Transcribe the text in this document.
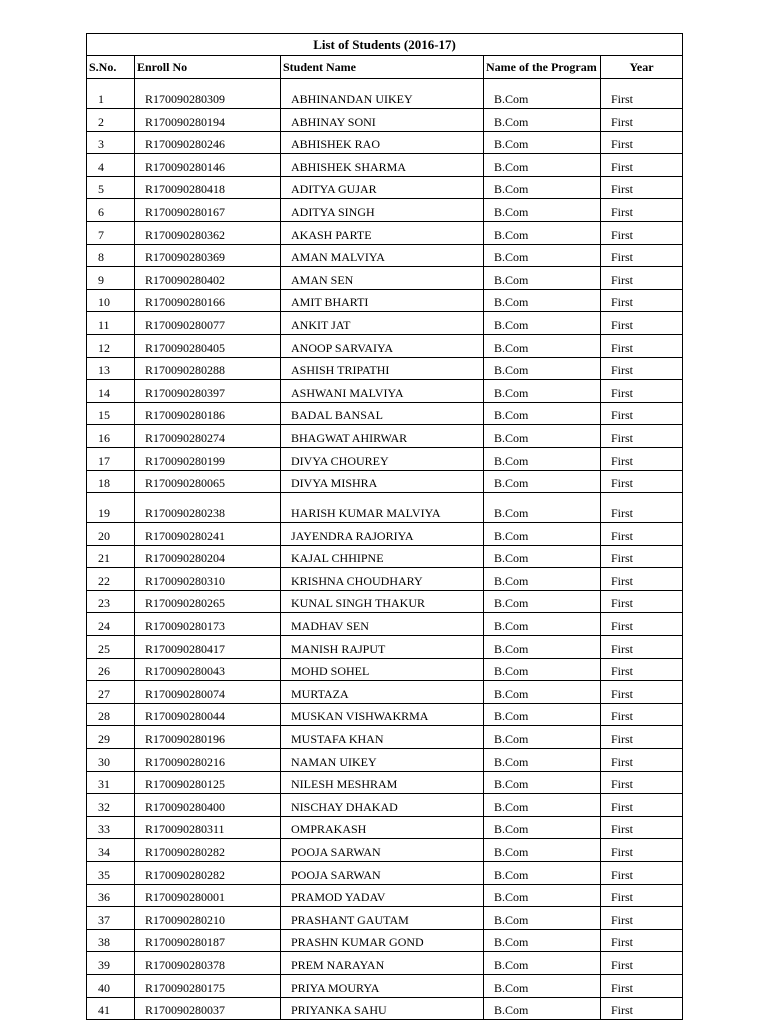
List of Students (2016-17)				
S.No.	Enroll No	Student Name	Name of the Program	Year
1	R170090280309	ABHINANDAN UIKEY	B.Com	First
2	R170090280194	ABHINAY SONI	B.Com	First
3	R170090280246	ABHISHEK RAO	B.Com	First
4	R170090280146	ABHISHEK SHARMA	B.Com	First
5	R170090280418	ADITYA GUJAR	B.Com	First
6	R170090280167	ADITYA SINGH	B.Com	First
7	R170090280362	AKASH PARTE	B.Com	First
8	R170090280369	AMAN MALVIYA	B.Com	First
9	R170090280402	AMAN SEN	B.Com	First
10	R170090280166	AMIT BHARTI	B.Com	First
11	R170090280077	ANKIT JAT	B.Com	First
12	R170090280405	ANOOP SARVAIYA	B.Com	First
13	R170090280288	ASHISH TRIPATHI	B.Com	First
14	R170090280397	ASHWANI MALVIYA	B.Com	First
15	R170090280186	BADAL BANSAL	B.Com	First
16	R170090280274	BHAGWAT AHIRWAR	B.Com	First
17	R170090280199	DIVYA CHOUREY	B.Com	First
18	R170090280065	DIVYA MISHRA	B.Com	First
19	R170090280238	HARISH KUMAR MALVIYA	B.Com	First
20	R170090280241	JAYENDRA RAJORIYA	B.Com	First
21	R170090280204	KAJAL CHHIPNE	B.Com	First
22	R170090280310	KRISHNA CHOUDHARY	B.Com	First
23	R170090280265	KUNAL SINGH THAKUR	B.Com	First
24	R170090280173	MADHAV SEN	B.Com	First
25	R170090280417	MANISH RAJPUT	B.Com	First
26	R170090280043	MOHD SOHEL	B.Com	First
27	R170090280074	MURTAZA	B.Com	First
28	R170090280044	MUSKAN VISHWAKRMA	B.Com	First
29	R170090280196	MUSTAFA KHAN	B.Com	First
30	R170090280216	NAMAN UIKEY	B.Com	First
31	R170090280125	NILESH MESHRAM	B.Com	First
32	R170090280400	NISCHAY DHAKAD	B.Com	First
33	R170090280311	OMPRAKASH	B.Com	First
34	R170090280282	POOJA SARWAN	B.Com	First
35	R170090280282	POOJA SARWAN	B.Com	First
36	R170090280001	PRAMOD YADAV	B.Com	First
37	R170090280210	PRASHANT GAUTAM	B.Com	First
38	R170090280187	PRASHN KUMAR GOND	B.Com	First
39	R170090280378	PREM NARAYAN	B.Com	First
40	R170090280175	PRIYA MOURYA	B.Com	First
41	R170090280037	PRIYANKA SAHU	B.Com	First
